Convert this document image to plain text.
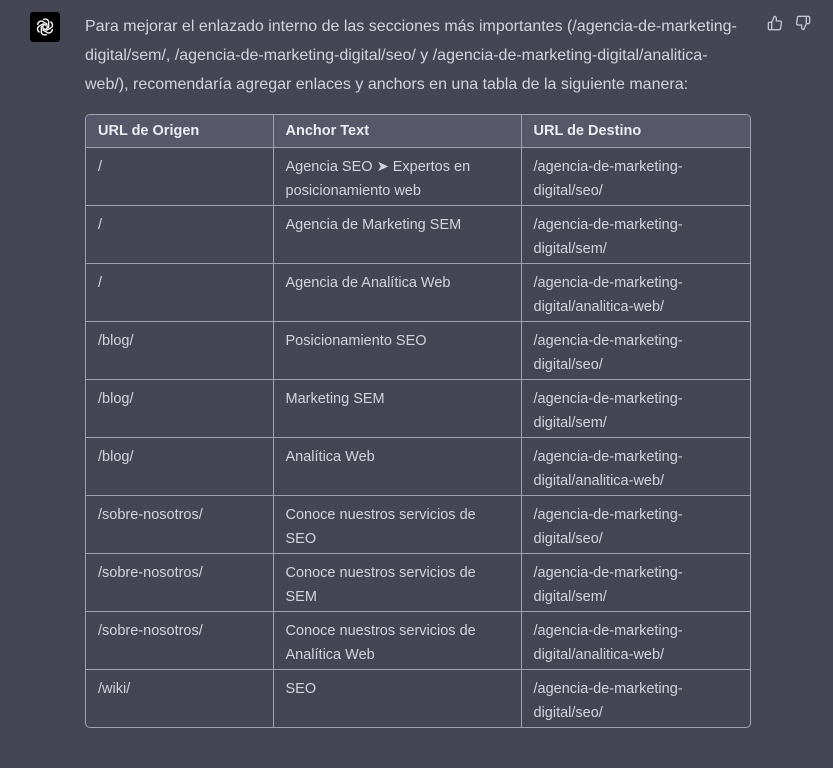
Para mejorar el enlazado interno de las secciones más importantes (/agencia-de-marketing-digital/sem/, /agencia-de-marketing-digital/seo/ y /agencia-de-marketing-digital/analitica-web/), recomendaría agregar enlaces y anchors en una tabla de la siguiente manera:

URL de Origen	Anchor Text	URL de Destino
/	Agencia SEO ➤ Expertos en posicionamiento web	/agencia-de-marketing-digital/seo/
/	Agencia de Marketing SEM	/agencia-de-marketing-digital/sem/
/	Agencia de Analítica Web	/agencia-de-marketing-digital/analitica-web/
/blog/	Posicionamiento SEO	/agencia-de-marketing-digital/seo/
/blog/	Marketing SEM	/agencia-de-marketing-digital/sem/
/blog/	Analítica Web	/agencia-de-marketing-digital/analitica-web/
/sobre-nosotros/	Conoce nuestros servicios de SEO	/agencia-de-marketing-digital/seo/
/sobre-nosotros/	Conoce nuestros servicios de SEM	/agencia-de-marketing-digital/sem/
/sobre-nosotros/	Conoce nuestros servicios de Analítica Web	/agencia-de-marketing-digital/analitica-web/
/wiki/	SEO	/agencia-de-marketing-digital/seo/
